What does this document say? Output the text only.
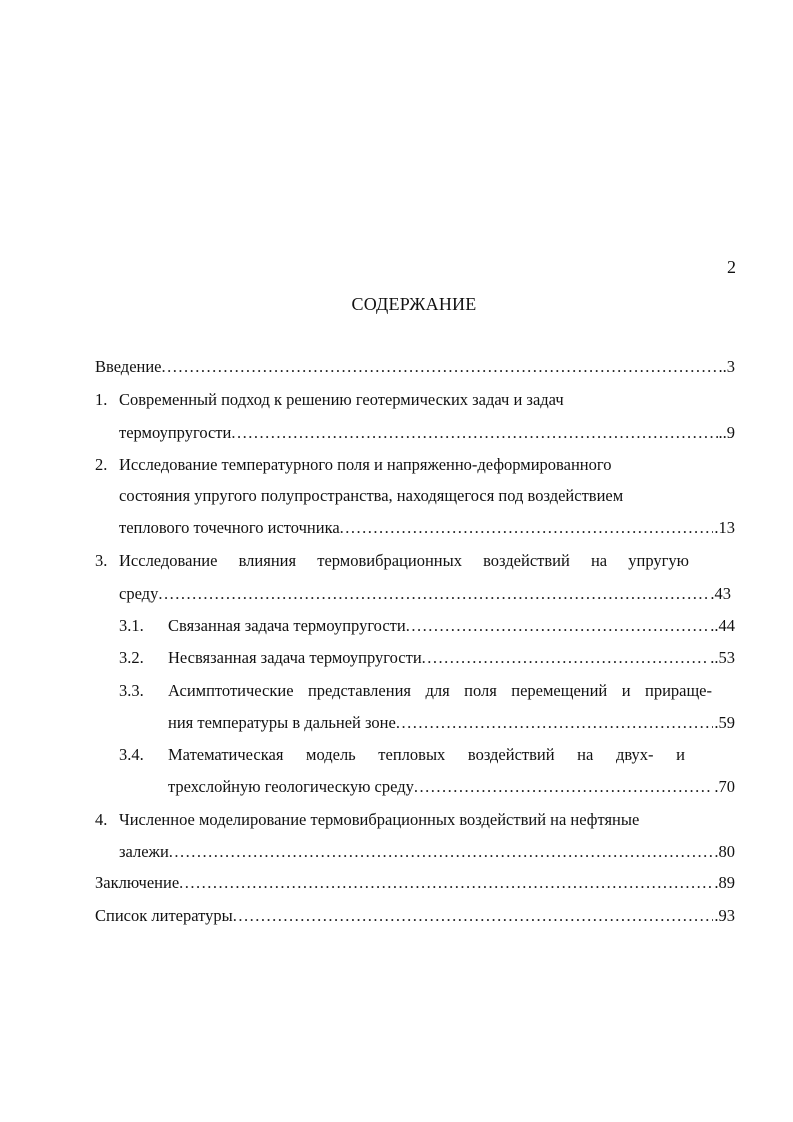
2
СОДЕРЖАНИЕ
Введение .....	..3
1. Современный подход к решению геотермических задач и задач
термоупругости .....	..9
2. Исследование температурного поля и напряженно-деформированного
состояния упругого полупространства, находящегося под воздействием
теплового точечного источника .....	.13
3. Исследование влияния термовибрационных воздействий на упругую
среду .....	.43
3.1. Связанная задача термоупругости .....	..44
3.2. Несвязанная задача термоупругости .....	..53
3.3. Асимптотические представления для поля перемещений и прираще-
ния температуры в дальней зоне .....	.59
3.4. Математическая модель тепловых воздействий на двух- и
трехслойную геологическую среду .....	.70
4. Численное моделирование термовибрационных воздействий на нефтяные
залежи .....	80
Заключение .....	.89
Список литературы .....	.93
